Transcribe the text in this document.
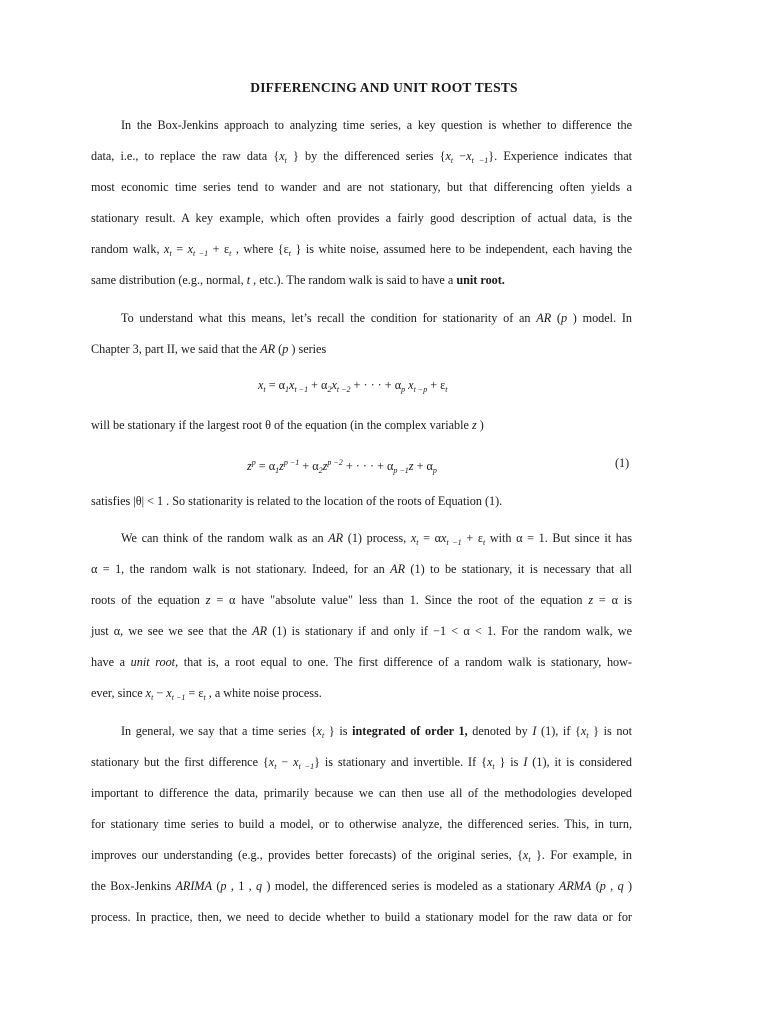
DIFFERENCING AND UNIT ROOT TESTS
In the Box-Jenkins approach to analyzing time series, a key question is whether to difference the
data, i.e., to replace the raw data {$x_t$ } by the differenced series {$x_t -x_t$ $_{-1}$}. Experience indicates that
most economic time series tend to wander and are not stationary, but that differencing often yields a
stationary result. A key example, which often provides a fairly good description of actual data, is the
random walk, $x_t = x_t$ $_{-1} + \varepsilon_t$ , where {$\varepsilon_t$ } is white noise, assumed here to be independent, each having the
same distribution (e.g., normal, t , etc.). The random walk is said to have a unit root.
To understand what this means, let’s recall the condition for stationarity of an AR (p ) model. In
Chapter 3, part II, we said that the AR (p ) series
$x_t = \alpha_1x_t$ $_{-1} + \alpha_2x_t$ $_{-2}$ + · · · + $\alpha_p$ $x_{t -p} + \varepsilon_t$
will be stationary if the largest root θ of the equation (in the complex variable z )
$z^p = \alpha_1z^{p -1} + \alpha_2z^{p -2}$ + · · · + $\alpha_{p -1}z + \alpha_p$
(1)
satisfies |θ| < 1 . So stationarity is related to the location of the roots of Equation (1).
We can think of the random walk as an AR (1) process, $x_t = \alpha x_t$ $_{-1} + \varepsilon_t$ with α = 1. But since it has
α = 1, the random walk is not stationary. Indeed, for an AR (1) to be stationary, it is necessary that all
roots of the equation z = α have "absolute value" less than 1. Since the root of the equation z = α is
just α, we see we see that the AR (1) is stationary if and only if −1 < α < 1. For the random walk, we
have a unit root, that is, a root equal to one. The first difference of a random walk is stationary, how-
ever, since $x_t - x_t$ $_{-1} = \varepsilon_t$ , a white noise process.
In general, we say that a time series {$x_t$ } is integrated of order 1, denoted by I (1), if {$x_t$ } is not
stationary but the first difference {$x_t - x_t$ $_{-1}$} is stationary and invertible. If {$x_t$ } is I (1), it is considered
important to difference the data, primarily because we can then use all of the methodologies developed
for stationary time series to build a model, or to otherwise analyze, the differenced series. This, in turn,
improves our understanding (e.g., provides better forecasts) of the original series, {$x_t$ }. For example, in
the Box-Jenkins ARIMA (p , 1 , q ) model, the differenced series is modeled as a stationary ARMA (p , q )
process. In practice, then, we need to decide whether to build a stationary model for the raw data or for
